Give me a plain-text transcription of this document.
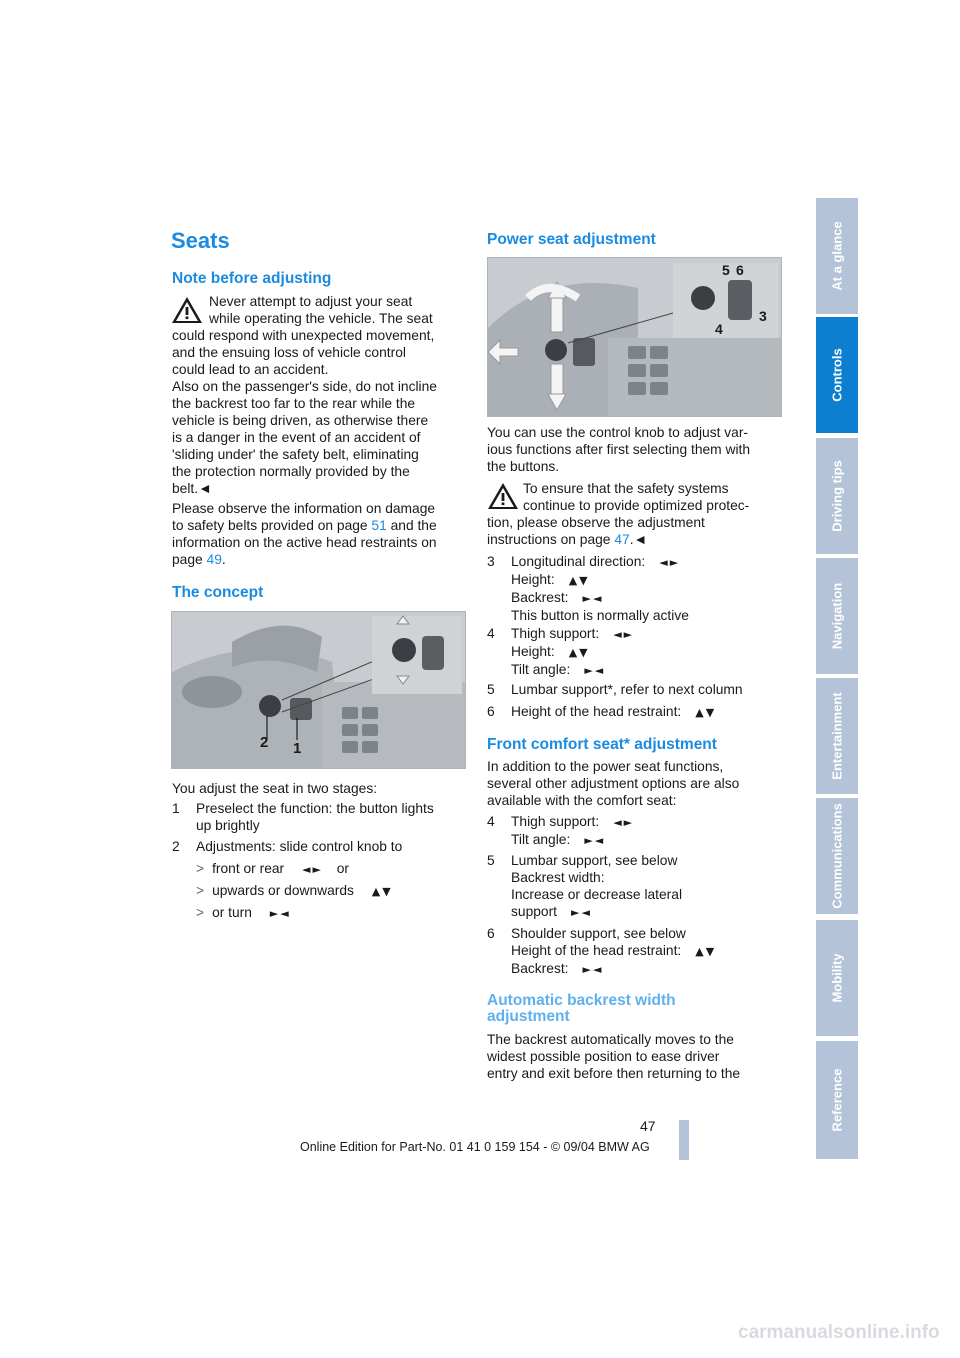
At a glance
Controls
Driving tips
Navigation
Entertainment
Communications
Mobility
Reference
Seats
Note before adjusting
Never attempt to adjust your seat
while operating the vehicle. The seat
could respond with unexpected movement,
and the ensuing loss of vehicle control
could lead to an accident.
Also on the passenger's side, do not incline
the backrest too far to the rear while the
vehicle is being driven, as otherwise there
is a danger in the event of an accident of
'sliding under' the safety belt, eliminating
the protection normally provided by the
belt.◄
Please observe the information on damage
to safety belts provided on page 51 and the
information on the active head restraints on
page 49.
The concept
2 1
You adjust the seat in two stages:
1 Preselect the function: the button lights
up brightly
2 Adjustments: slide control knob to
> front or rear ◄► or
> upwards or downwards ▲▼
> or turn ►◄
Power seat adjustment
5 6
3
4
You can use the control knob to adjust var-
ious functions after first selecting them with
the buttons.
To ensure that the safety systems
continue to provide optimized protec-
tion, please observe the adjustment
instructions on page 47.◄
3 Longitudinal direction: ◄►
Height: ▲▼
Backrest: ►◄
This button is normally active
4 Thigh support: ◄►
Height: ▲▼
Tilt angle: ►◄
5 Lumbar support*, refer to next column
6 Height of the head restraint: ▲▼
Front comfort seat* adjustment
In addition to the power seat functions,
several other adjustment options are also
available with the comfort seat:
4 Thigh support: ◄►
Tilt angle: ►◄
5 Lumbar support, see below
Backrest width:
Increase or decrease lateral
support ►◄
6 Shoulder support, see below
Height of the head restraint: ▲▼
Backrest: ►◄
Automatic backrest width
adjustment
The backrest automatically moves to the
widest possible position to ease driver
entry and exit before then returning to the
47
Online Edition for Part-No. 01 41 0 159 154 - © 09/04 BMW AG
carmanualsonline.info
